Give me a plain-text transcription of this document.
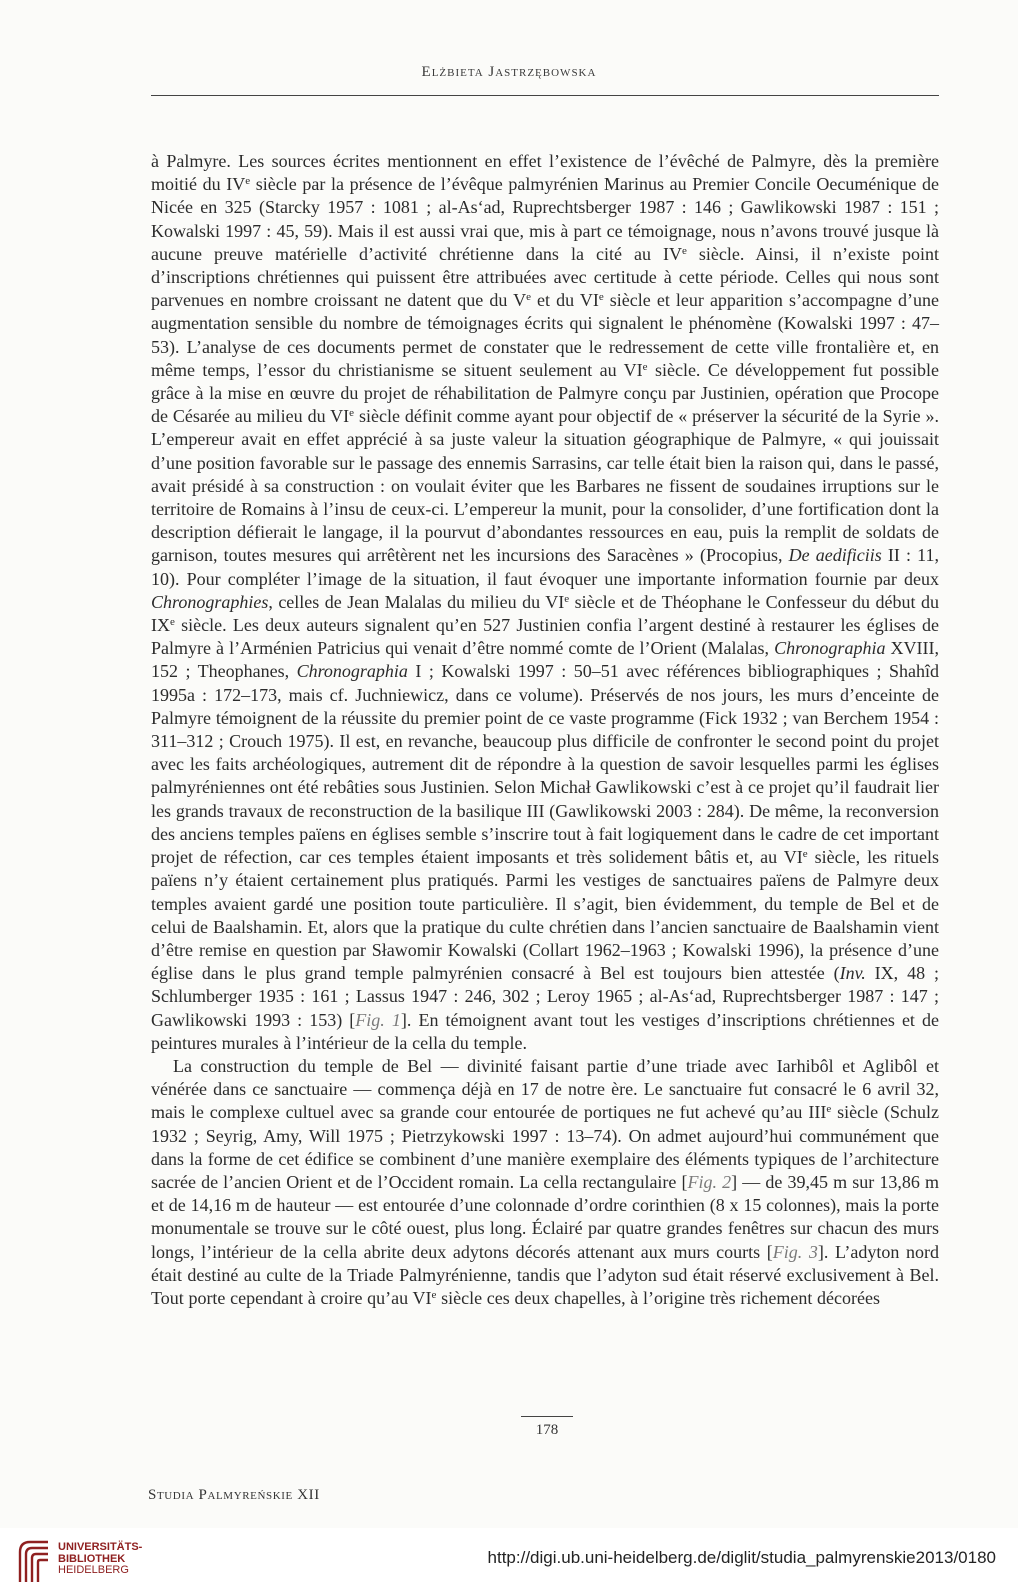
Elżbieta Jastrzębowska

à Palmyre. Les sources écrites mentionnent en effet l’existence de l’évêché de Palmyre, dès la première moitié du IVe siècle par la présence de l’évêque palmyrénien Marinus au Premier Concile Oecuménique de Nicée en 325 (Starcky 1957 : 1081 ; al-As‘ad, Ruprechtsberger 1987 : 146 ; Gawlikowski 1987 : 151 ; Kowalski 1997 : 45, 59). Mais il est aussi vrai que, mis à part ce témoignage, nous n’avons trouvé jusque là aucune preuve matérielle d’activité chrétienne dans la cité au IVe siècle. Ainsi, il n’existe point d’inscriptions chrétiennes qui puissent être attribuées avec certitude à cette période. Celles qui nous sont parvenues en nombre croissant ne datent que du Ve et du VIe siècle et leur apparition s’accompagne d’une augmentation sensible du nombre de témoignages écrits qui signalent le phénomène (Kowalski 1997 : 47–53). L’analyse de ces documents permet de constater que le redressement de cette ville frontalière et, en même temps, l’essor du christianisme se situent seulement au VIe siècle. Ce développement fut possible grâce à la mise en œuvre du projet de réhabilitation de Palmyre conçu par Justinien, opération que Procope de Césarée au milieu du VIe siècle définit comme ayant pour objectif de « préserver la sécurité de la Syrie ». L’empereur avait en effet apprécié à sa juste valeur la situation géographique de Palmyre, « qui jouissait d’une position favorable sur le passage des ennemis Sarrasins, car telle était bien la raison qui, dans le passé, avait présidé à sa construction : on voulait éviter que les Barbares ne fissent de soudaines irruptions sur le territoire de Romains à l’insu de ceux-ci. L’empereur la munit, pour la consolider, d’une fortification dont la description défierait le langage, il la pourvut d’abondantes ressources en eau, puis la remplit de soldats de garnison, toutes mesures qui arrêtèrent net les incursions des Saracènes » (Procopius, De aedificiis II : 11, 10). Pour compléter l’image de la situation, il faut évoquer une importante information fournie par deux Chronographies, celles de Jean Malalas du milieu du VIe siècle et de Théophane le Confesseur du début du IXe siècle. Les deux auteurs signalent qu’en 527 Justinien confia l’argent destiné à restaurer les églises de Palmyre à l’Arménien Patricius qui venait d’être nommé comte de l’Orient (Malalas, Chronographia XVIII, 152 ; Theophanes, Chronographia I ; Kowalski 1997 : 50–51 avec références bibliographiques ; Shahîd 1995a : 172–173, mais cf. Juchniewicz, dans ce volume). Préservés de nos jours, les murs d’enceinte de Palmyre témoignent de la réussite du premier point de ce vaste programme (Fick 1932 ; van Berchem 1954 : 311–312 ; Crouch 1975). Il est, en revanche, beaucoup plus difficile de confronter le second point du projet avec les faits archéologiques, autrement dit de répondre à la question de savoir lesquelles parmi les églises palmyréniennes ont été rebâties sous Justinien. Selon Michał Gawlikowski c’est à ce projet qu’il faudrait lier les grands travaux de reconstruction de la basilique III (Gawlikowski 2003 : 284). De même, la reconversion des anciens temples païens en églises semble s’inscrire tout à fait logiquement dans le cadre de cet important projet de réfection, car ces temples étaient imposants et très solidement bâtis et, au VIe siècle, les rituels païens n’y étaient certainement plus pratiqués. Parmi les vestiges de sanctuaires païens de Palmyre deux temples avaient gardé une position toute particulière. Il s’agit, bien évidemment, du temple de Bel et de celui de Baalshamin. Et, alors que la pratique du culte chrétien dans l’ancien sanctuaire de Baalshamin vient d’être remise en question par Sławomir Kowalski (Collart 1962–1963 ; Kowalski 1996), la présence d’une église dans le plus grand temple palmyrénien consacré à Bel est toujours bien attestée (Inv. IX, 48 ; Schlumberger 1935 : 161 ; Lassus 1947 : 246, 302 ; Leroy 1965 ; al-As‘ad, Ruprechtsberger 1987 : 147 ; Gawlikowski 1993 : 153) [Fig. 1]. En témoignent avant tout les vestiges d’inscriptions chrétiennes et de peintures murales à l’intérieur de la cella du temple.

La construction du temple de Bel — divinité faisant partie d’une triade avec Iarhibôl et Aglibôl et vénérée dans ce sanctuaire — commença déjà en 17 de notre ère. Le sanctuaire fut consacré le 6 avril 32, mais le complexe cultuel avec sa grande cour entourée de portiques ne fut achevé qu’au IIIe siècle (Schulz 1932 ; Seyrig, Amy, Will 1975 ; Pietrzykowski 1997 : 13–74). On admet aujourd’hui communément que dans la forme de cet édifice se combinent d’une manière exemplaire des éléments typiques de l’architecture sacrée de l’ancien Orient et de l’Occident romain. La cella rectangulaire [Fig. 2] — de 39,45 m sur 13,86 m et de 14,16 m de hauteur — est entourée d’une colonnade d’ordre corinthien (8 x 15 colonnes), mais la porte monumentale se trouve sur le côté ouest, plus long. Éclairé par quatre grandes fenêtres sur chacun des murs longs, l’intérieur de la cella abrite deux adytons décorés attenant aux murs courts [Fig. 3]. L’adyton nord était destiné au culte de la Triade Palmyrénienne, tandis que l’adyton sud était réservé exclusivement à Bel. Tout porte cependant à croire qu’au VIe siècle ces deux chapelles, à l’origine très richement décorées

178
Studia Palmyreńskie XII
UNIVERSITÄTS-
BIBLIOTHEK
HEIDELBERG
http://digi.ub.uni-heidelberg.de/diglit/studia_palmyrenskie2013/0180
